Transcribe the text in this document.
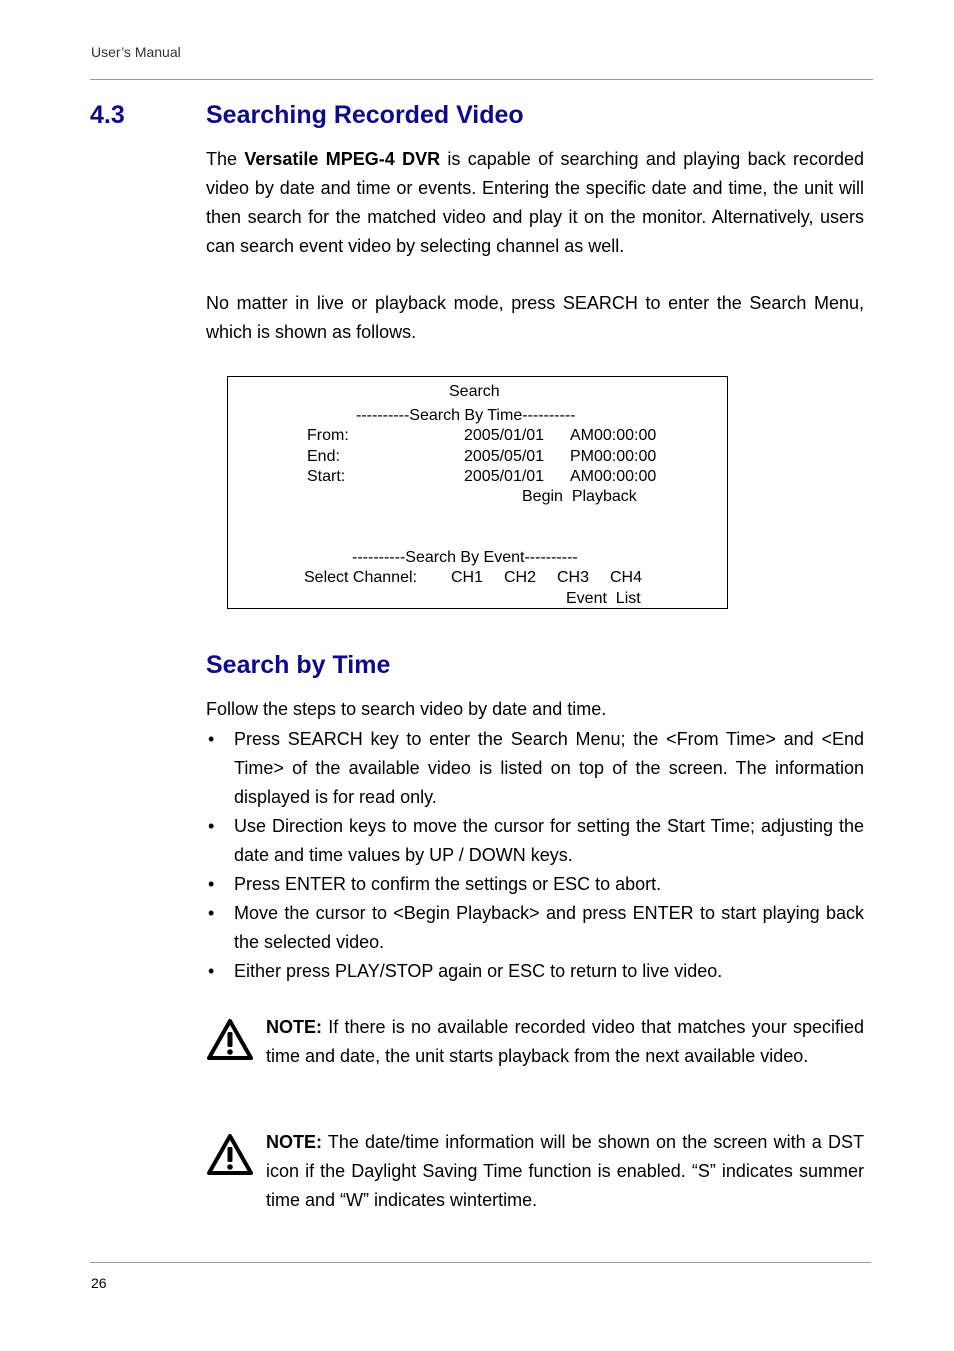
User’s Manual
4.3	Searching Recorded Video
The Versatile MPEG-4 DVR is capable of searching and playing back recorded video by date and time or events. Entering the specific date and time, the unit will then search for the matched video and play it on the monitor. Alternatively, users can search event video by selecting channel as well.
No matter in live or playback mode, press SEARCH to enter the Search Menu, which is shown as follows.
Search
----------Search By Time----------
From:	2005/01/01 AM00:00:00
End:	2005/05/01 PM00:00:00
Start:	2005/01/01 AM00:00:00
Begin  Playback
----------Search By Event----------
Select Channel: CH1 CH2 CH3 CH4
Event  List
Search by Time
Follow the steps to search video by date and time.
• Press SEARCH key to enter the Search Menu; the <From Time> and <End Time> of the available video is listed on top of the screen. The information displayed is for read only.
• Use Direction keys to move the cursor for setting the Start Time; adjusting the date and time values by UP / DOWN keys.
• Press ENTER to confirm the settings or ESC to abort.
• Move the cursor to <Begin Playback> and press ENTER to start playing back the selected video.
• Either press PLAY/STOP again or ESC to return to live video.
NOTE: If there is no available recorded video that matches your specified time and date, the unit starts playback from the next available video.
NOTE: The date/time information will be shown on the screen with a DST icon if the Daylight Saving Time function is enabled. “S” indicates summer time and “W” indicates wintertime.
26
